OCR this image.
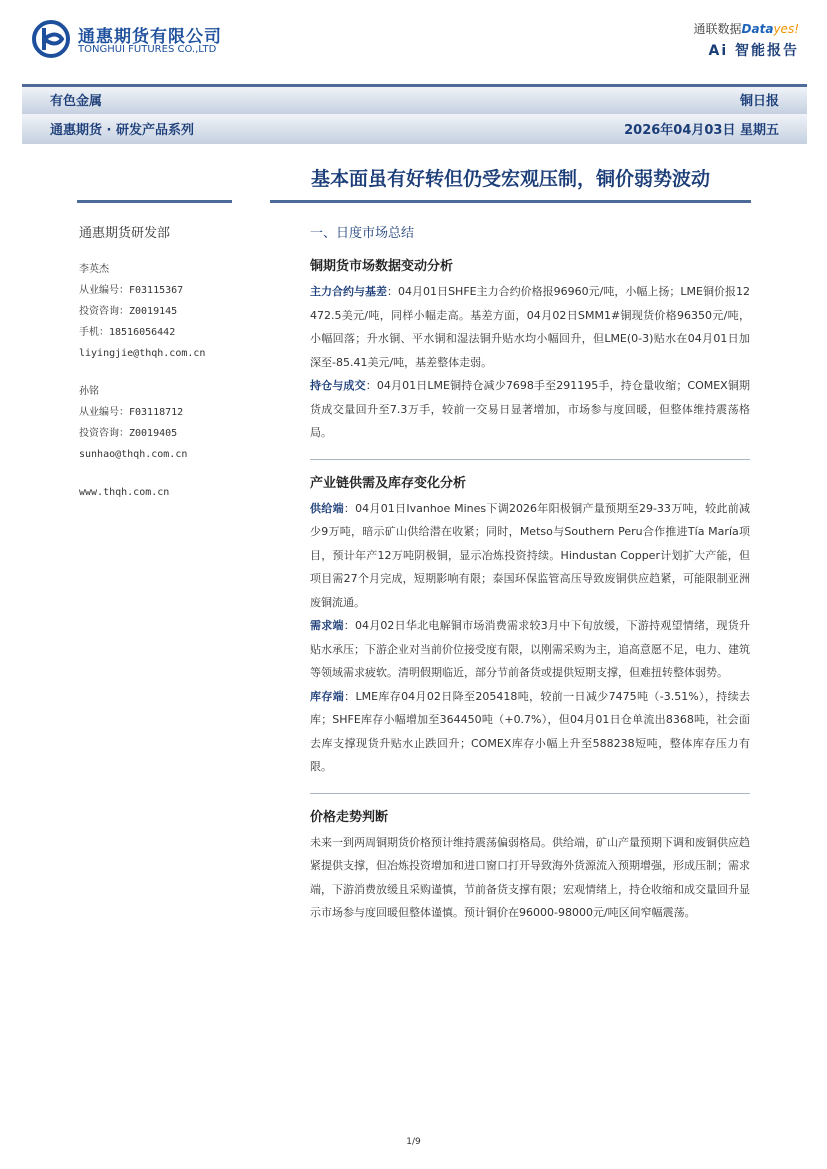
通惠期货有限公司
TONGHUI FUTURES CO.,LTD
通联数据Datayes!
Ai 智能报告
有色金属	铜日报
通惠期货 · 研发产品系列	2026年04月03日 星期五
基本面虽有好转但仍受宏观压制，铜价弱势波动
通惠期货研发部
李英杰
从业编号：F03115367
投资咨询：Z0019145
手机：18516056442
liyingjie@thqh.com.cn
孙铭
从业编号：F03118712
投资咨询：Z0019405
sunhao@thqh.com.cn
www.thqh.com.cn
一、日度市场总结
铜期货市场数据变动分析

主力合约与基差：04月01日SHFE主力合约价格报96960元/吨，小幅上扬；LME铜价报12472.5美元/吨，同样小幅走高。基差方面，04月02日SMM1#铜现货价格96350元/吨，小幅回落；升水铜、平水铜和湿法铜升贴水均小幅回升，但LME(0-3)贴水在04月01日加深至-85.41美元/吨，基差整体走弱。

持仓与成交：04月01日LME铜持仓减少7698手至291195手，持仓量收缩；COMEX铜期货成交量回升至7.3万手，较前一交易日显著增加，市场参与度回暖，但整体维持震荡格局。

产业链供需及库存变化分析

供给端：04月01日Ivanhoe Mines下调2026年阳极铜产量预期至29-33万吨，较此前减少9万吨，暗示矿山供给潜在收紧；同时，Metso与Southern Peru合作推进Tía María项目，预计年产12万吨阴极铜，显示冶炼投资持续。Hindustan Copper计划扩大产能，但项目需27个月完成，短期影响有限；泰国环保监管高压导致废铜供应趋紧，可能限制亚洲废铜流通。

需求端：04月02日华北电解铜市场消费需求较3月中下旬放缓，下游持观望情绪，现货升贴水承压；下游企业对当前价位接受度有限，以刚需采购为主，追高意愿不足，电力、建筑等领域需求疲软。清明假期临近，部分节前备货或提供短期支撑，但难扭转整体弱势。

库存端：LME库存04月02日降至205418吨，较前一日减少7475吨（-3.51%），持续去库；SHFE库存小幅增加至364450吨（+0.7%），但04月01日仓单流出8368吨，社会面去库支撑现货升贴水止跌回升；COMEX库存小幅上升至588238短吨，整体库存压力有限。

价格走势判断

未来一到两周铜期货价格预计维持震荡偏弱格局。供给端，矿山产量预期下调和废铜供应趋紧提供支撑，但冶炼投资增加和进口窗口打开导致海外货源流入预期增强，形成压制；需求端，下游消费放缓且采购谨慎，节前备货支撑有限；宏观情绪上，持仓收缩和成交量回升显示市场参与度回暖但整体谨慎。预计铜价在96000-98000元/吨区间窄幅震荡。

1/9
